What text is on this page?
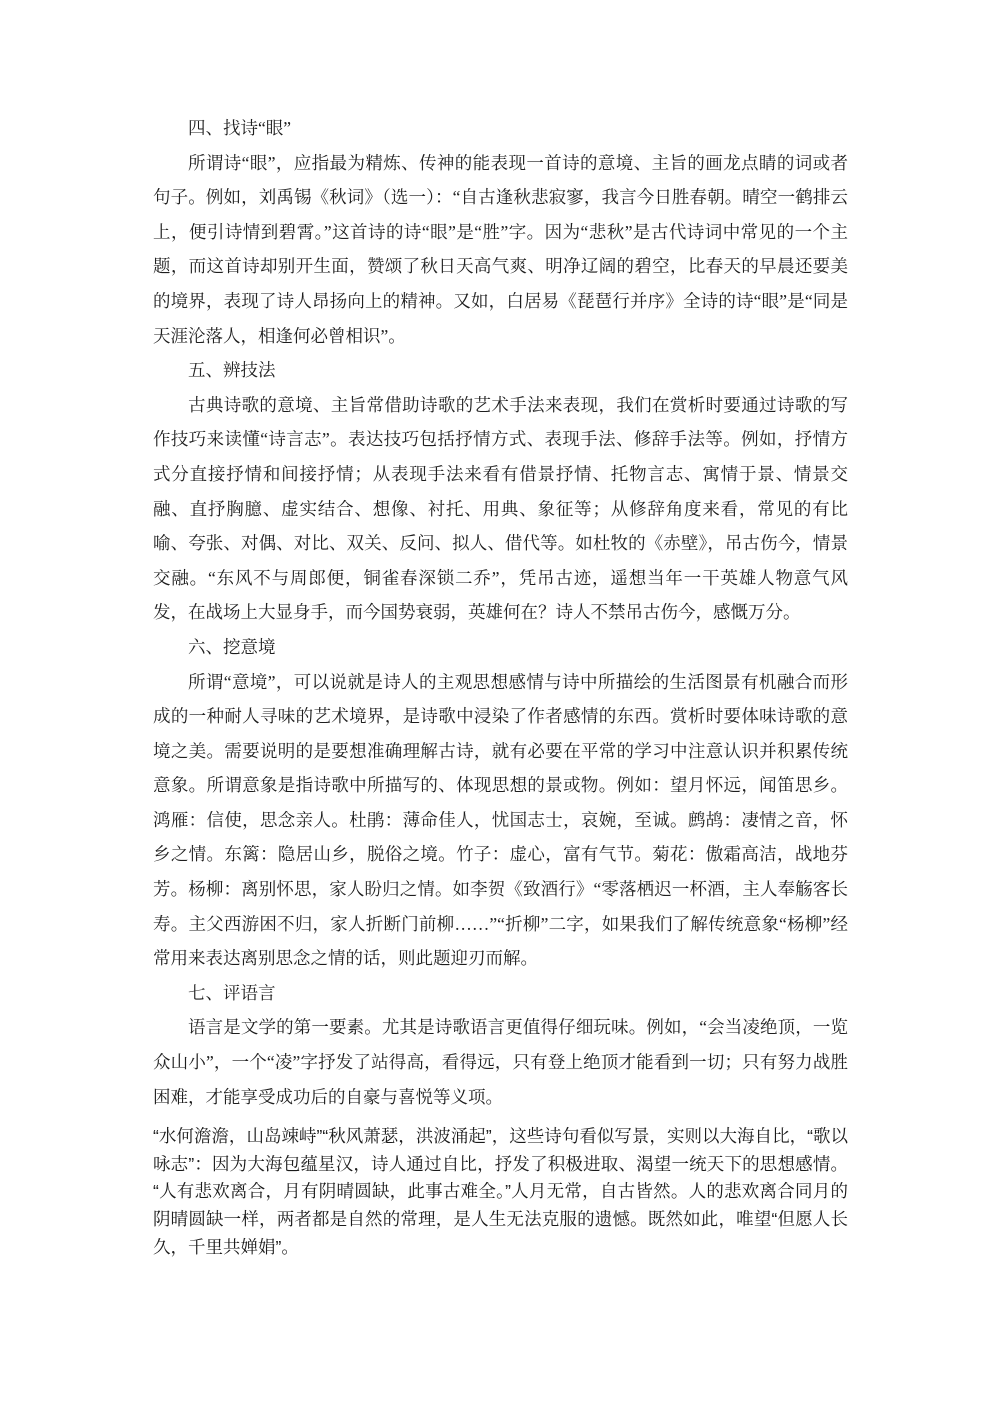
四、找诗“眼”

所谓诗“眼”，应指最为精炼、传神的能表现一首诗的意境、主旨的画龙点睛的词或者句子。例如，刘禹锡《秋词》（选一）：“自古逢秋悲寂寥，我言今日胜春朝。晴空一鹤排云上，便引诗情到碧霄。”这首诗的诗“眼”是“胜”字。因为“悲秋”是古代诗词中常见的一个主题，而这首诗却别开生面，赞颂了秋日天高气爽、明净辽阔的碧空，比春天的早晨还要美的境界，表现了诗人昂扬向上的精神。又如，白居易《琵琶行并序》全诗的诗“眼”是“同是天涯沦落人，相逢何必曾相识”。

五、辨技法

古典诗歌的意境、主旨常借助诗歌的艺术手法来表现，我们在赏析时要通过诗歌的写作技巧来读懂“诗言志”。表达技巧包括抒情方式、表现手法、修辞手法等。例如，抒情方式分直接抒情和间接抒情；从表现手法来看有借景抒情、托物言志、寓情于景、情景交融、直抒胸臆、虚实结合、想像、衬托、用典、象征等；从修辞角度来看，常见的有比喻、夸张、对偶、对比、双关、反问、拟人、借代等。如杜牧的《赤壁》，吊古伤今，情景交融。“东风不与周郎便，铜雀春深锁二乔”，凭吊古迹，遥想当年一干英雄人物意气风发，在战场上大显身手，而今国势衰弱，英雄何在？诗人不禁吊古伤今，感慨万分。

六、挖意境

所谓“意境”，可以说就是诗人的主观思想感情与诗中所描绘的生活图景有机融合而形成的一种耐人寻味的艺术境界，是诗歌中浸染了作者感情的东西。赏析时要体味诗歌的意境之美。需要说明的是要想准确理解古诗，就有必要在平常的学习中注意认识并积累传统意象。所谓意象是指诗歌中所描写的、体现思想的景或物。例如：望月怀远，闻笛思乡。鸿雁：信使，思念亲人。杜鹃：薄命佳人，忧国志士，哀婉，至诚。鹧鸪：凄情之音，怀乡之情。东篱：隐居山乡，脱俗之境。竹子：虚心，富有气节。菊花：傲霜高洁，战地芬芳。杨柳：离别怀思，家人盼归之情。如李贺《致酒行》“零落栖迟一杯酒，主人奉觞客长寿。主父西游困不归，家人折断门前柳……”“折柳”二字，如果我们了解传统意象“杨柳”经常用来表达离别思念之情的话，则此题迎刃而解。

七、评语言

语言是文学的第一要素。尤其是诗歌语言更值得仔细玩味。例如，“会当凌绝顶，一览众山小”，一个“凌”字抒发了站得高，看得远，只有登上绝顶才能看到一切；只有努力战胜困难，才能享受成功后的自豪与喜悦等义项。

“水何澹澹，山岛竦峙”“秋风萧瑟，洪波涌起”，这些诗句看似写景，实则以大海自比，“歌以咏志”：因为大海包蕴星汉，诗人通过自比，抒发了积极进取、渴望一统天下的思想感情。“人有悲欢离合，月有阴晴圆缺，此事古难全。”人月无常，自古皆然。人的悲欢离合同月的阴晴圆缺一样，两者都是自然的常理，是人生无法克服的遗憾。既然如此，唯望“但愿人长久，千里共婵娟”。
